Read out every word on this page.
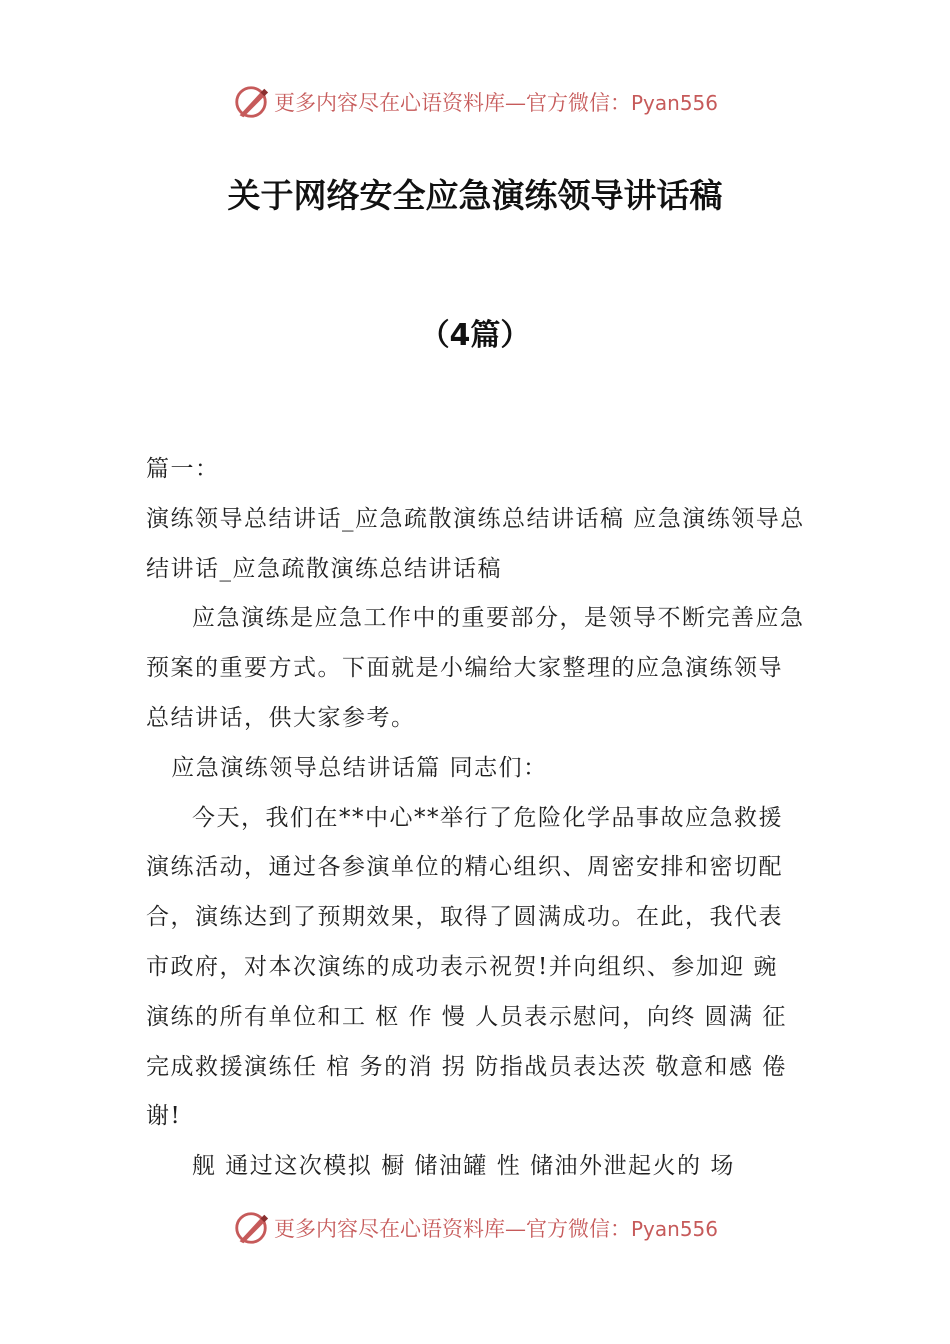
更多内容尽在心语资料库—官方微信：Pyan556
关于网络安全应急演练领导讲话稿
（4篇）

篇一：

演练领导总结讲话_应急疏散演练总结讲话稿 应急演练领导总结讲话_应急疏散演练总结讲话稿

应急演练是应急工作中的重要部分，是领导不断完善应急预案的重要方式。下面就是小编给大家整理的应急演练领导总结讲话，供大家参考。

应急演练领导总结讲话篇 同志们：

今天，我们在**中心**举行了危险化学品事故应急救援演练活动，通过各参演单位的精心组织、周密安排和密切配合，演练达到了预期效果，取得了圆满成功。在此，我代表市政府，对本次演练的成功表示祝贺!并向组织、参加迎 豌 演练的所有单位和工 枢 作 慢 人员表示慰问，向终 圆满 征 完成救援演练任 棺 务的消 拐 防指战员表达茨 敬意和感 倦 谢!

舰 通过这次模拟 橱 储油罐 性 储油外泄起火的 场

更多内容尽在心语资料库—官方微信：Pyan556
